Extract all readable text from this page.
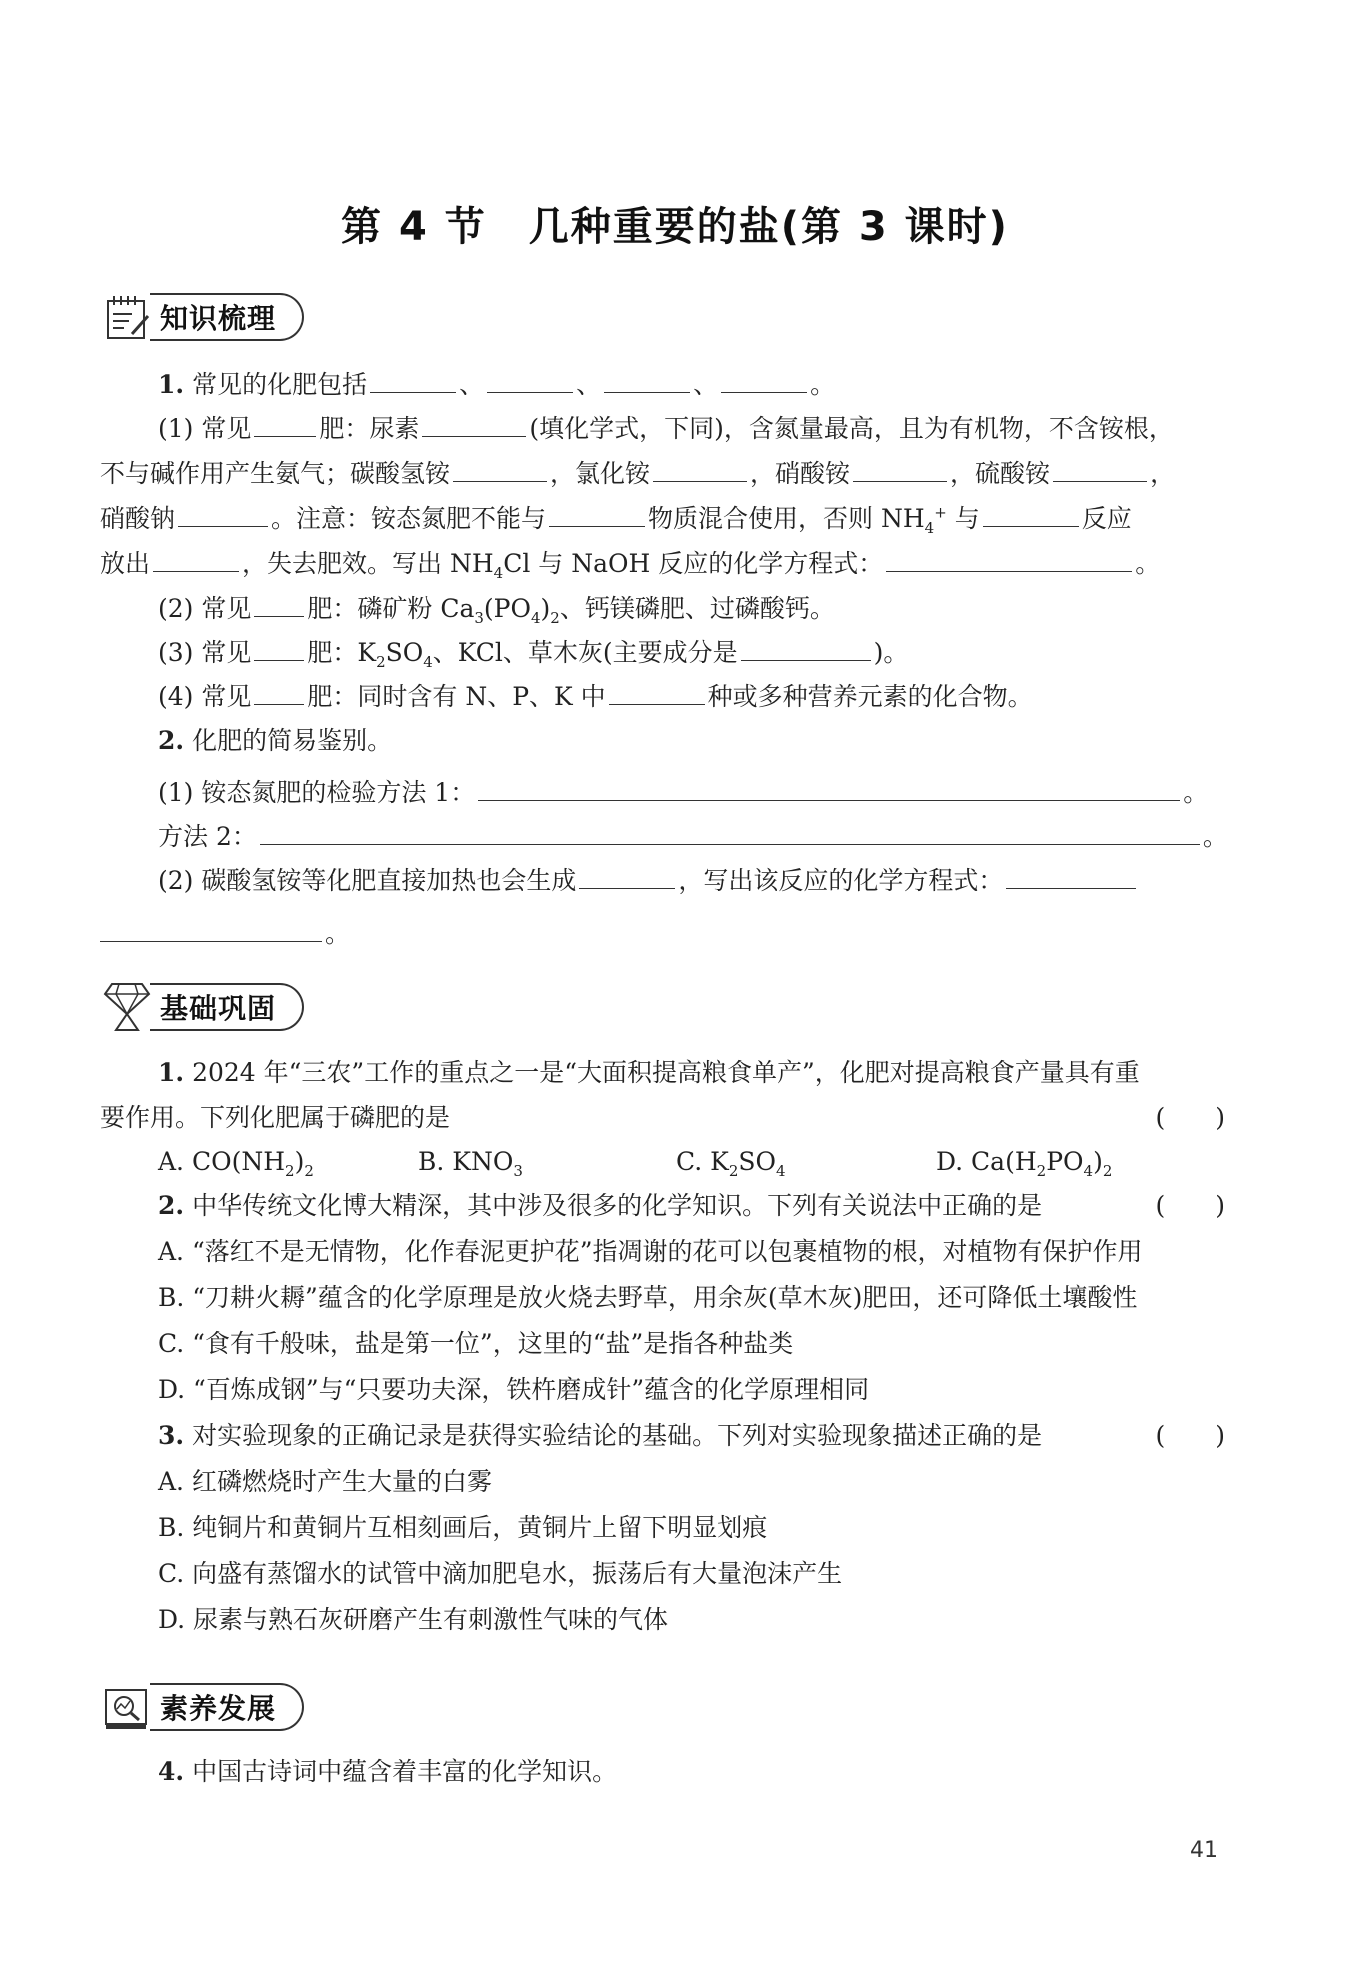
第 4 节　几种重要的盐(第 3 课时)
知识梳理
1. 常见的化肥包括	、	、	、	。
(1) 常见	肥：尿素	(填化学式，下同)，含氮量最高，且为有机物，不含铵根，
不与碱作用产生氨气；碳酸氢铵	，氯化铵	，硝酸铵	，硫酸铵	，
硝酸钠	。注意：铵态氮肥不能与	物质混合使用，否则 $NH_4^+$ 与	反应
放出	，失去肥效。写出 $NH_4Cl$ 与 NaOH 反应的化学方程式：	。
(2) 常见 肥：磷矿粉 $Ca_3(PO_4)_2$、钙镁磷肥、过磷酸钙。
(3) 常见 肥：$K_2SO_4$、KCl、草木灰(主要成分是	)。
(4) 常见 肥：同时含有 N、P、K 中	种或多种营养元素的化合物。
2. 化肥的简易鉴别。
(1) 铵态氮肥的检验方法 1：	。
方法 2：	。
(2) 碳酸氢铵等化肥直接加热也会生成	，写出该反应的化学方程式：
。
基础巩固
1. 2024 年“三农”工作的重点之一是“大面积提高粮食单产”，化肥对提高粮食产量具有重
要作用。下列化肥属于磷肥的是	(　　)
A. $CO(NH_2)_2$	B. $KNO_3$	C. $K_2SO_4$	D. $Ca(H_2PO_4)_2$
2. 中华传统文化博大精深，其中涉及很多的化学知识。下列有关说法中正确的是	(　　)
A. “落红不是无情物，化作春泥更护花”指凋谢的花可以包裹植物的根，对植物有保护作用
B. “刀耕火耨”蕴含的化学原理是放火烧去野草，用余灰(草木灰)肥田，还可降低土壤酸性
C. “食有千般味，盐是第一位”，这里的“盐”是指各种盐类
D. “百炼成钢”与“只要功夫深，铁杵磨成针”蕴含的化学原理相同
3. 对实验现象的正确记录是获得实验结论的基础。下列对实验现象描述正确的是	(　　)
A. 红磷燃烧时产生大量的白雾
B. 纯铜片和黄铜片互相刻画后，黄铜片上留下明显划痕
C. 向盛有蒸馏水的试管中滴加肥皂水，振荡后有大量泡沫产生
D. 尿素与熟石灰研磨产生有刺激性气味的气体
素养发展
4. 中国古诗词中蕴含着丰富的化学知识。
41
